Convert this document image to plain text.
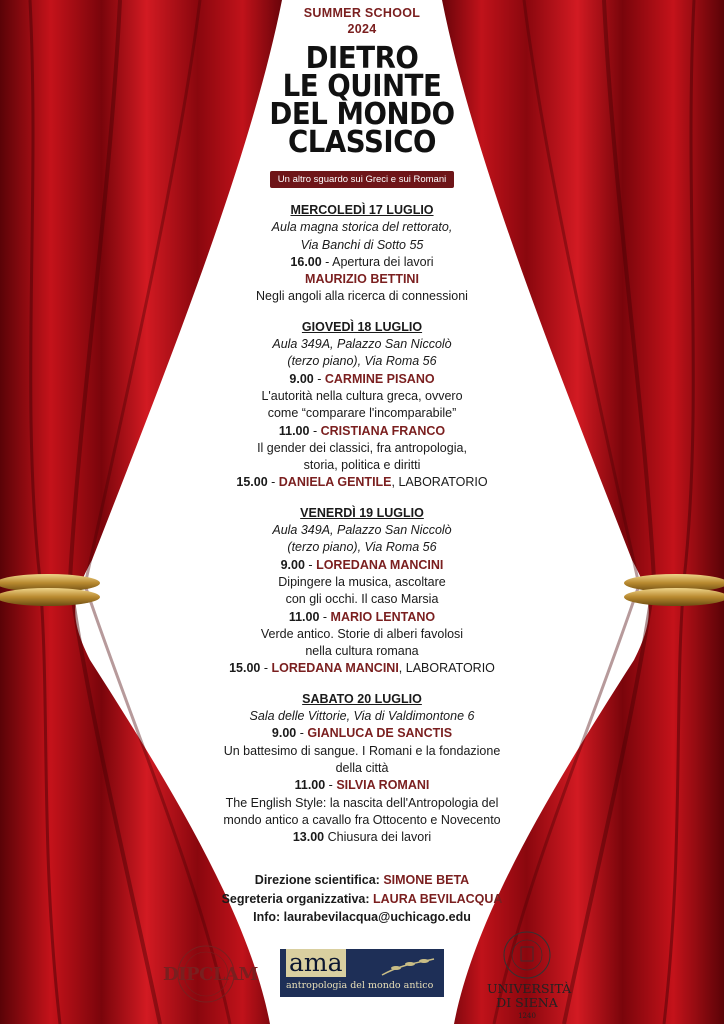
SUMMER SCHOOL
2024
DIETRO
LE QUINTE
DEL MONDO
CLASSICO
Un altro sguardo sui Greci e sui Romani
MERCOLEDÌ 17 LUGLIO
Aula magna storica del rettorato,
Via Banchi di Sotto 55
16.00 - Apertura dei lavori
MAURIZIO BETTINI
Negli angoli alla ricerca di connessioni
GIOVEDÌ 18 LUGLIO
Aula 349A, Palazzo San Niccolò
(terzo piano), Via Roma 56
9.00 - CARMINE PISANO
L'autorità nella cultura greca, ovvero
come “comparare l'incomparabile”
11.00 - CRISTIANA FRANCO
Il gender dei classici, fra antropologia,
storia, politica e diritti
15.00 - DANIELA GENTILE, LABORATORIO
VENERDÌ 19 LUGLIO
Aula 349A, Palazzo San Niccolò
(terzo piano), Via Roma 56
9.00 - LOREDANA MANCINI
Dipingere la musica, ascoltare
con gli occhi. Il caso Marsia
11.00 - MARIO LENTANO
Verde antico. Storie di alberi favolosi
nella cultura romana
15.00 - LOREDANA MANCINI, LABORATORIO
SABATO 20 LUGLIO
Sala delle Vittorie, Via di Valdimontone 6
9.00 - GIANLUCA DE SANCTIS
Un battesimo di sangue. I Romani e la fondazione
della città
11.00 - SILVIA ROMANI
The English Style: la nascita dell'Antropologia del
mondo antico a cavallo fra Ottocento e Novecento
13.00 Chiusura dei lavori
Direzione scientifica: SIMONE BETA
Segreteria organizzativa: LAURA BEVILACQUA
Info: laurabevilacqua@uchicago.edu
DIPCLAM ama
antropologia del mondo antico	UNIVERSITÀ
DI SIENA
1240
